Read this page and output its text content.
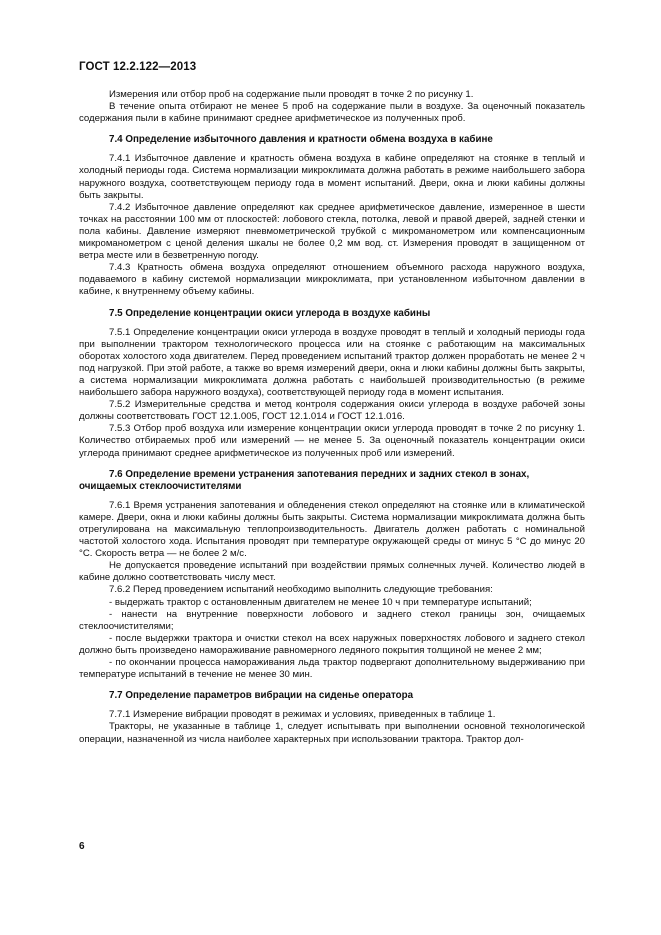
ГОСТ 12.2.122—2013

Измерения или отбор проб на содержание пыли проводят в точке 2 по рисунку 1.

В течение опыта отбирают не менее 5 проб на содержание пыли в воздухе. За оценочный показатель содержания пыли в кабине принимают среднее арифметическое из полученных проб.

7.4 Определение избыточного давления и кратности обмена воздуха в кабине

7.4.1 Избыточное давление и кратность обмена воздуха в кабине определяют на стоянке в теплый и холодный периоды года. Система нормализации микроклимата должна работать в режиме наибольшего забора наружного воздуха, соответствующем периоду года в момент испытаний. Двери, окна и люки кабины должны быть закрыты.

7.4.2 Избыточное давление определяют как среднее арифметическое давление, измеренное в шести точках на расстоянии 100 мм от плоскостей: лобового стекла, потолка, левой и правой дверей, задней стенки и пола кабины. Давление измеряют пневмометрической трубкой с микроманометром или компенсационным микроманометром с ценой деления шкалы не более 0,2 мм вод. ст. Измерения проводят в защищенном от ветра месте или в безветренную погоду.

7.4.3 Кратность обмена воздуха определяют отношением объемного расхода наружного воздуха, подаваемого в кабину системой нормализации микроклимата, при установленном избыточном давлении в кабине, к внутреннему объему кабины.

7.5 Определение концентрации окиси углерода в воздухе кабины

7.5.1 Определение концентрации окиси углерода в воздухе проводят в теплый и холодный периоды года при выполнении трактором технологического процесса или на стоянке с работающим на максимальных оборотах холостого хода двигателем. Перед проведением испытаний трактор должен проработать не менее 2 ч под нагрузкой. При этой работе, а также во время измерений двери, окна и люки кабины должны быть закрыты, а система нормализации микроклимата должна работать с наибольшей производительностью (в режиме наибольшего забора наружного воздуха), соответствующей периоду года в момент испытания.

7.5.2 Измерительные средства и метод контроля содержания окиси углерода в воздухе рабочей зоны должны соответствовать ГОСТ 12.1.005, ГОСТ 12.1.014 и ГОСТ 12.1.016.

7.5.3 Отбор проб воздуха или измерение концентрации окиси углерода проводят в точке 2 по рисунку 1. Количество отбираемых проб или измерений — не менее 5. За оценочный показатель концентрации окиси углерода принимают среднее арифметическое из полученных проб или измерений.

7.6 Определение времени устранения запотевания передних и задних стекол в зонах, очищаемых стеклоочистителями

7.6.1 Время устранения запотевания и обледенения стекол определяют на стоянке или в климатической камере. Двери, окна и люки кабины должны быть закрыты. Система нормализации микроклимата должна быть отрегулирована на максимальную теплопроизводительность. Двигатель должен работать с номинальной частотой холостого хода. Испытания проводят при температуре окружающей среды от минус 5 °С до минус 20 °С. Скорость ветра — не более 2 м/с.

Не допускается проведение испытаний при воздействии прямых солнечных лучей. Количество людей в кабине должно соответствовать числу мест.

7.6.2 Перед проведением испытаний необходимо выполнить следующие требования:

- выдержать трактор с остановленным двигателем не менее 10 ч при температуре испытаний;

- нанести на внутренние поверхности лобового и заднего стекол границы зон, очищаемых стеклоочистителями;

- после выдержки трактора и очистки стекол на всех наружных поверхностях лобового и заднего стекол должно быть произведено намораживание равномерного ледяного покрытия толщиной не менее 2 мм;

- по окончании процесса намораживания льда трактор подвергают дополнительному выдерживанию при температуре испытаний в течение не менее 30 мин.

7.7 Определение параметров вибрации на сиденье оператора

7.7.1 Измерение вибрации проводят в режимах и условиях, приведенных в таблице 1.

Тракторы, не указанные в таблице 1, следует испытывать при выполнении основной технологической операции, назначенной из числа наиболее характерных при использовании трактора. Трактор дол-

6
